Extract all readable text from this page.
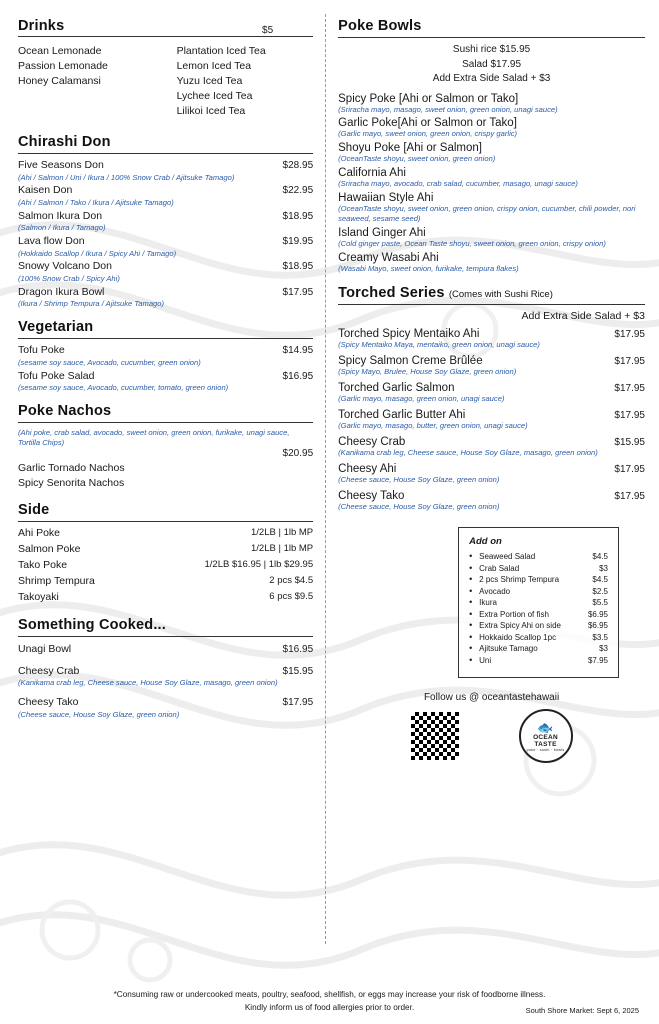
Drinks	$5
Ocean Lemonade
Passion Lemonade
Honey Calamansi
Plantation Iced Tea
Lemon Iced Tea
Yuzu Iced Tea
Lychee Iced Tea
Lilikoi Iced Tea
Chirashi Don
Five Seasons Don	$28.95
(Ahi / Salmon / Uni / Ikura / 100% Snow Crab / Ajitsuke Tamago)
Kaisen Don	$22.95
(Ahi / Salmon / Tako / Ikura / Ajitsuke Tamago)
Salmon Ikura Don	$18.95
(Salmon / Ikura / Tamago)
Lava flow Don	$19.95
(Hokkaido Scallop / Ikura / Spicy Ahi / Tamago)
Snowy Volcano Don	$18.95
(100% Snow Crab / Spicy Ahi)
Dragon Ikura Bowl	$17.95
(Ikura / Shrimp Tempura / Ajitsuke Tamago)
Vegetarian
Tofu Poke	$14.95
(sesame soy sauce, Avocado, cucumber, green onion)
Tofu Poke Salad	$16.95
(sesame soy sauce, Avocado, cucumber, tomato, green onion)
Poke Nachos
(Ahi poke, crab salad, avocado, sweet onion, green onion, furikake, unagi sauce, Tortilla Chips)
$20.95
Garlic Tornado Nachos
Spicy Senorita Nachos
Side
Ahi Poke	1/2LB | 1lb MP
Salmon Poke	1/2LB | 1lb MP
Tako Poke	1/2LB $16.95 | 1lb $29.95
Shrimp Tempura	2 pcs $4.5
Takoyaki	6 pcs $9.5
Something Cooked...
Unagi Bowl	$16.95
Cheesy Crab	$15.95
(Kanikama crab leg, Cheese sauce, House Soy Glaze, masago, green onion)
Cheesy Tako	$17.95
(Cheese sauce, House Soy Glaze, green onion)
Poke Bowls
Sushi rice $15.95
Salad $17.95
Add Extra Side Salad + $3
Spicy Poke [Ahi or Salmon or Tako]
(Sriracha mayo, masago, sweet onion, green onion, unagi sauce)
Garlic Poke[Ahi or Salmon or Tako]
(Garlic mayo, sweet onion, green onion, crispy garlic)
Shoyu Poke [Ahi or Salmon]
(OceanTaste shoyu, sweet onion, green onion)
California Ahi
(Sriracha mayo, avocado, crab salad, cucumber, masago, unagi sauce)
Hawaiian Style Ahi
(OceanTaste shoyu, sweet onion, green onion, crispy onion, cucumber, chili powder, nori seaweed, sesame seed)
Island Ginger Ahi
(Cold ginger paste, Ocean Taste shoyu, sweet onion, green onion, crispy onion)
Creamy Wasabi Ahi
(Wasabi Mayo, sweet onion, furikake, tempura flakes)
Torched Series (Comes with Sushi Rice)
Add Extra Side Salad + $3
Torched Spicy Mentaiko Ahi	$17.95
(Spicy Mentaiko Maya, mentaiko, green onion, unagi sauce)
Spicy Salmon Creme Brûlée	$17.95
(Spicy Mayo, Brulee, House Soy Glaze, green onion)
Torched Garlic Salmon	$17.95
(Garlic mayo, masago, green onion, unagi sauce)
Torched Garlic Butter Ahi	$17.95
(Garlic mayo, masago, butter, green onion, unagi sauce)
Cheesy Crab	$15.95
(Kanikama crab leg, Cheese sauce, House Soy Glaze, masago, green onion)
Cheesy Ahi	$17.95
(Cheese sauce, House Soy Glaze, green onion)
Cheesy Tako	$17.95
(Cheese sauce, House Soy Glaze, green onion)
Add on
• Seaweed Salad	$4.5
• Crab Salad	$3
• 2 pcs Shrimp Tempura	$4.5
• Avocado	$2.5
• Ikura	$5.5
• Extra Portion of fish	$6.95
• Extra Spicy Ahi on side	$6.95
• Hokkaido Scallop 1pc	$3.5
• Ajitsuke Tamago	$3
• Uni	$7.95
Follow us @ oceantastehawaii
🐟
OCEAN
TASTE
poke · sushi · bowls
*Consuming raw or undercooked meats, poultry, seafood, shellfish, or eggs may increase your risk of foodborne illness.
Kindly inform us of food allergies prior to order.	South Shore Market: Sept 6, 2025
